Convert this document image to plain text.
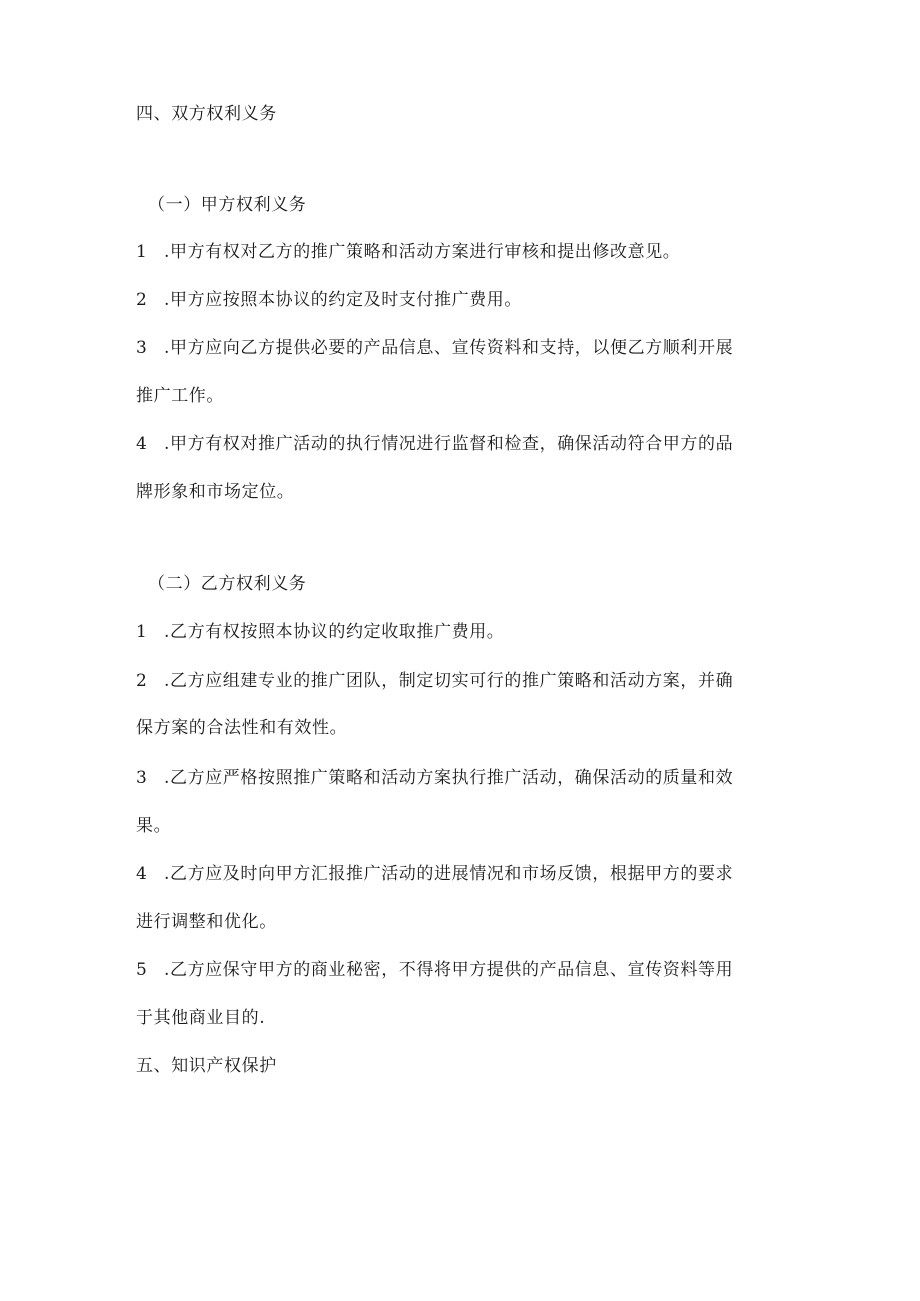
四、双方权利义务
（一）甲方权利义务
1 .甲方有权对乙方的推广策略和活动方案进行审核和提出修改意见。
2 .甲方应按照本协议的约定及时支付推广费用。
3 .甲方应向乙方提供必要的产品信息、宣传资料和支持，以便乙方顺利开展
推广工作。
4 .甲方有权对推广活动的执行情况进行监督和检查，确保活动符合甲方的品
牌形象和市场定位。
（二）乙方权利义务
1 .乙方有权按照本协议的约定收取推广费用。
2 .乙方应组建专业的推广团队，制定切实可行的推广策略和活动方案，并确
保方案的合法性和有效性。
3 .乙方应严格按照推广策略和活动方案执行推广活动，确保活动的质量和效
果。
4 .乙方应及时向甲方汇报推广活动的进展情况和市场反馈，根据甲方的要求
进行调整和优化。
5 .乙方应保守甲方的商业秘密，不得将甲方提供的产品信息、宣传资料等用
于其他商业目的.
五、知识产权保护
